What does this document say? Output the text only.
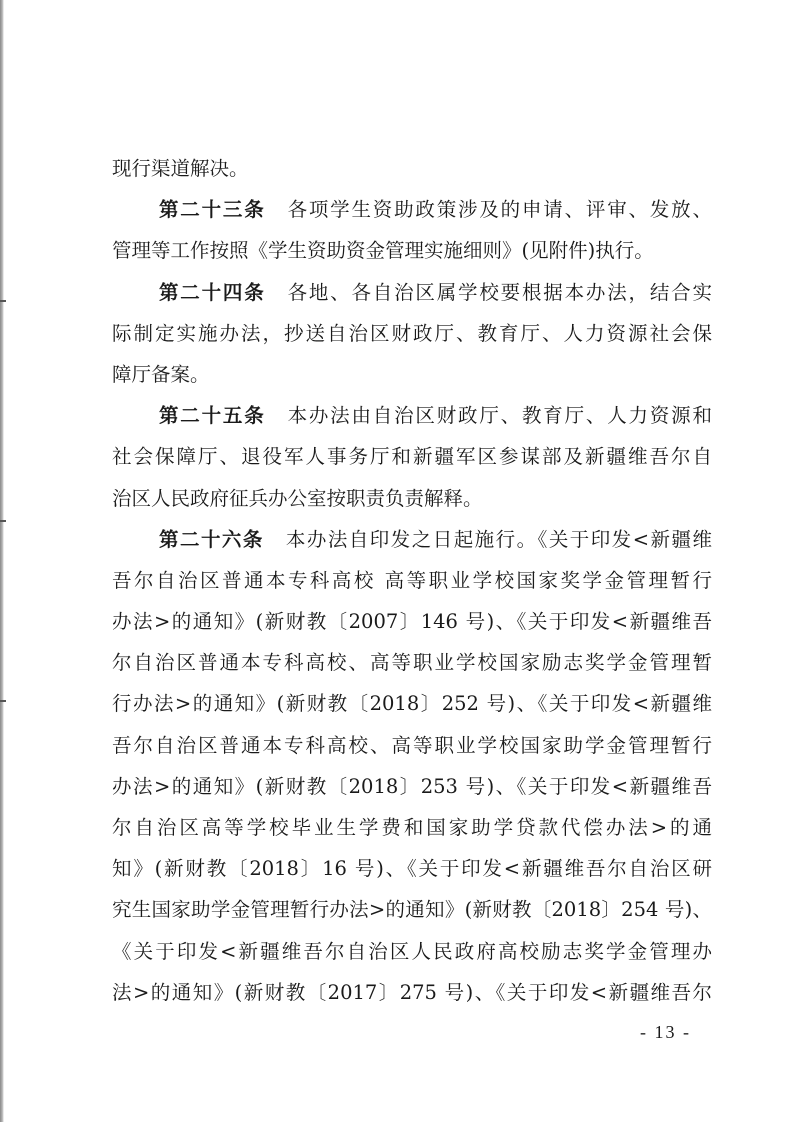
现行渠道解决。
第二十三条 各项学生资助政策涉及的申请、评审、发放、
管理等工作按照《学生资助资金管理实施细则》(见附件)执行。
第二十四条 各地、各自治区属学校要根据本办法，结合实
际制定实施办法，抄送自治区财政厅、教育厅、人力资源社会保
障厅备案。
第二十五条 本办法由自治区财政厅、教育厅、人力资源和
社会保障厅、退役军人事务厅和新疆军区参谋部及新疆维吾尔自
治区人民政府征兵办公室按职责负责解释。
第二十六条 本办法自印发之日起施行。《关于印发<新疆维
吾尔自治区普通本专科高校 高等职业学校国家奖学金管理暂行
办法>的通知》(新财教〔2007〕146 号)、《关于印发<新疆维吾
尔自治区普通本专科高校、高等职业学校国家励志奖学金管理暂
行办法>的通知》(新财教〔2018〕252 号)、《关于印发<新疆维
吾尔自治区普通本专科高校、高等职业学校国家助学金管理暂行
办法>的通知》(新财教〔2018〕253 号)、《关于印发<新疆维吾
尔自治区高等学校毕业生学费和国家助学贷款代偿办法>的通
知》(新财教〔2018〕16 号)、《关于印发<新疆维吾尔自治区研
究生国家助学金管理暂行办法>的通知》(新财教〔2018〕254 号)、
《关于印发<新疆维吾尔自治区人民政府高校励志奖学金管理办
法>的通知》(新财教〔2017〕275 号)、《关于印发<新疆维吾尔
- 13 -
